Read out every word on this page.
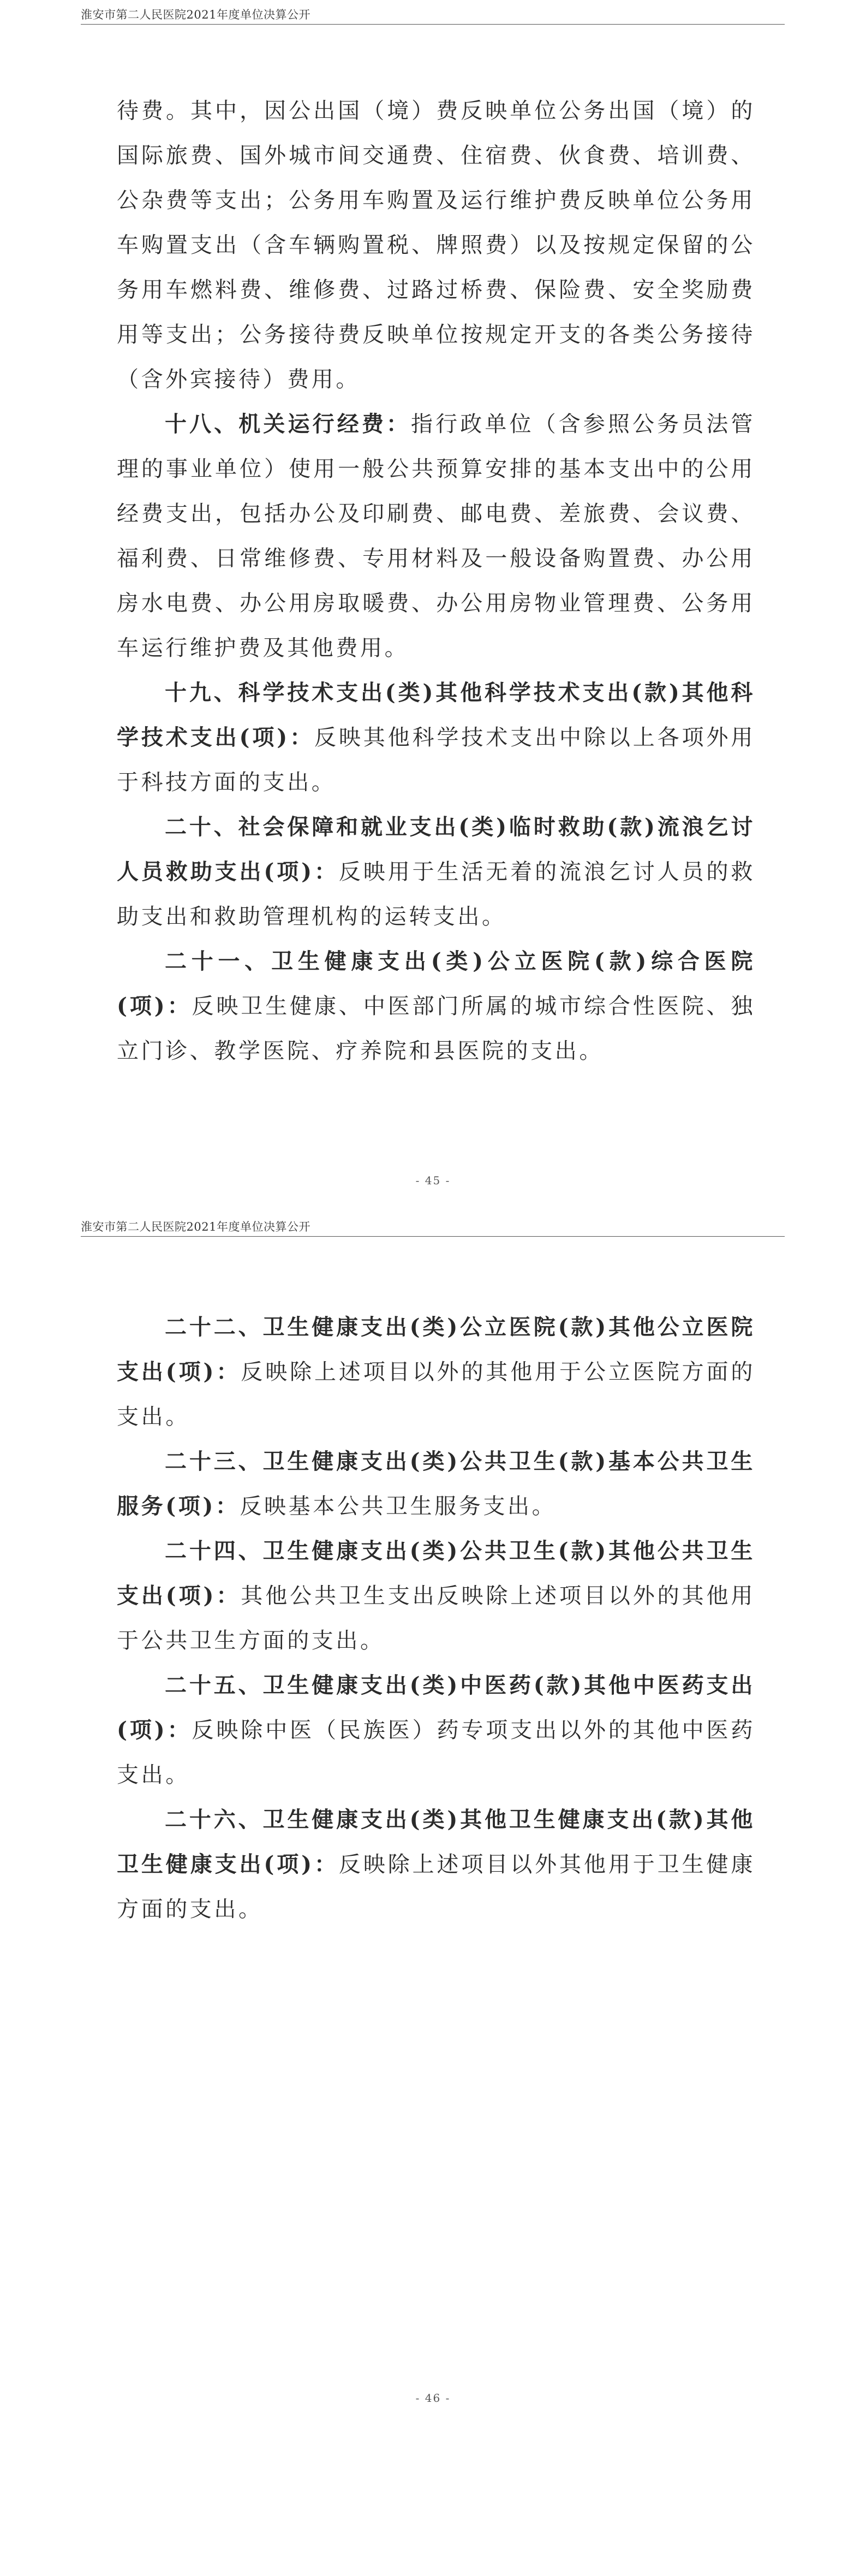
淮安市第二人民医院2021年度单位决算公开

待费。其中，因公出国（境）费反映单位公务出国（境）的国际旅费、国外城市间交通费、住宿费、伙食费、培训费、公杂费等支出；公务用车购置及运行维护费反映单位公务用车购置支出（含车辆购置税、牌照费）以及按规定保留的公务用车燃料费、维修费、过路过桥费、保险费、安全奖励费用等支出；公务接待费反映单位按规定开支的各类公务接待（含外宾接待）费用。

十八、机关运行经费：指行政单位（含参照公务员法管理的事业单位）使用一般公共预算安排的基本支出中的公用经费支出，包括办公及印刷费、邮电费、差旅费、会议费、福利费、日常维修费、专用材料及一般设备购置费、办公用房水电费、办公用房取暖费、办公用房物业管理费、公务用车运行维护费及其他费用。

十九、科学技术支出(类)其他科学技术支出(款)其他科学技术支出(项)：反映其他科学技术支出中除以上各项外用于科技方面的支出。

二十、社会保障和就业支出(类)临时救助(款)流浪乞讨人员救助支出(项)：反映用于生活无着的流浪乞讨人员的救助支出和救助管理机构的运转支出。

二十一、卫生健康支出(类)公立医院(款)综合医院(项)：反映卫生健康、中医部门所属的城市综合性医院、独立门诊、教学医院、疗养院和县医院的支出。

- 45 -
淮安市第二人民医院2021年度单位决算公开

二十二、卫生健康支出(类)公立医院(款)其他公立医院支出(项)：反映除上述项目以外的其他用于公立医院方面的支出。

二十三、卫生健康支出(类)公共卫生(款)基本公共卫生服务(项)：反映基本公共卫生服务支出。

二十四、卫生健康支出(类)公共卫生(款)其他公共卫生支出(项)：其他公共卫生支出反映除上述项目以外的其他用于公共卫生方面的支出。

二十五、卫生健康支出(类)中医药(款)其他中医药支出(项)：反映除中医（民族医）药专项支出以外的其他中医药支出。

二十六、卫生健康支出(类)其他卫生健康支出(款)其他卫生健康支出(项)：反映除上述项目以外其他用于卫生健康方面的支出。

- 46 -
